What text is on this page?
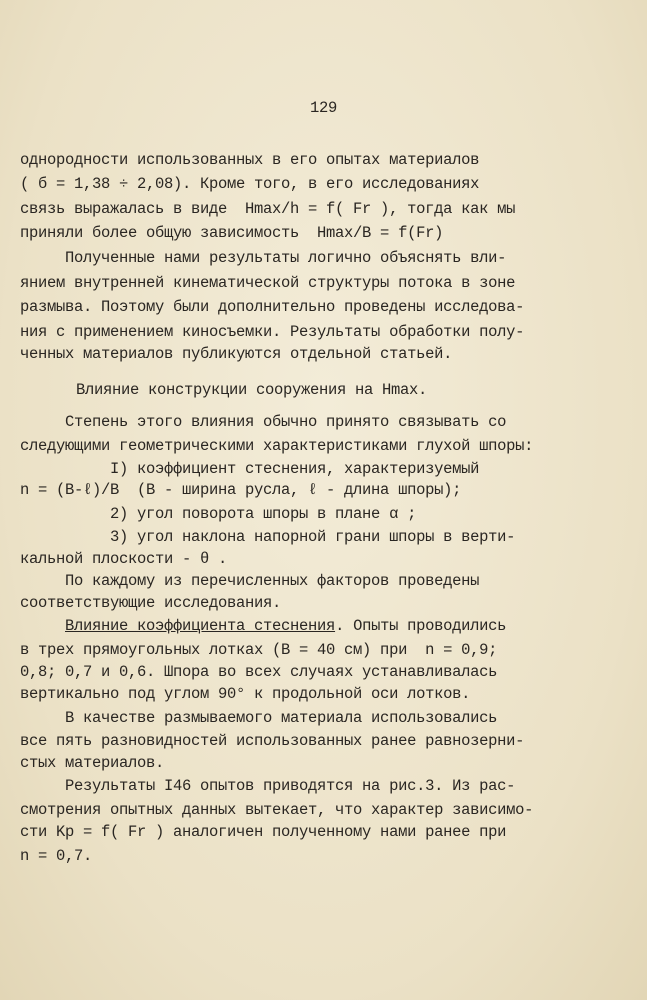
129
однородности использованных в его опытах материалов
( б = 1,38 ÷ 2,08). Кроме того, в его исследованиях
связь выражалась в виде  Hmax/h = f( Fr ), тогда как мы
приняли более общую зависимость  Hmax/B = f(Fr)
Полученные нами результаты логично объяснять вли-
янием внутренней кинематической структуры потока в зоне
размыва. Поэтому были дополнительно проведены исследова-
ния с применением киносъемки. Результаты обработки полу-
ченных материалов публикуются отдельной статьей.
Влияние конструкции сооружения на Hmax.
Степень этого влияния обычно принято связывать со
следующими геометрическими характеристиками глухой шпоры:
I) коэффициент стеснения, характеризуемый
n = (B-ℓ)/B  (B - ширина русла, ℓ - длина шпоры);
2) угол поворота шпоры в плане α ;
3) угол наклона напорной грани шпоры в верти-
кальной плоскости - θ .
По каждому из перечисленных факторов проведены
соответствующие исследования.
Влияние коэффициента стеснения. Опыты проводились
в трех прямоугольных лотках (B = 40 см) при  n = 0,9;
0,8; 0,7 и 0,6. Шпора во всех случаях устанавливалась
вертикально под углом 90° к продольной оси лотков.
В качестве размываемого материала использовались
все пять разновидностей использованных ранее равнозерни-
стых материалов.
Результаты I46 опытов приводятся на рис.3. Из рас-
смотрения опытных данных вытекает, что характер зависимо-
сти Kр = f( Fr ) аналогичен полученному нами ранее при
n = 0,7.
